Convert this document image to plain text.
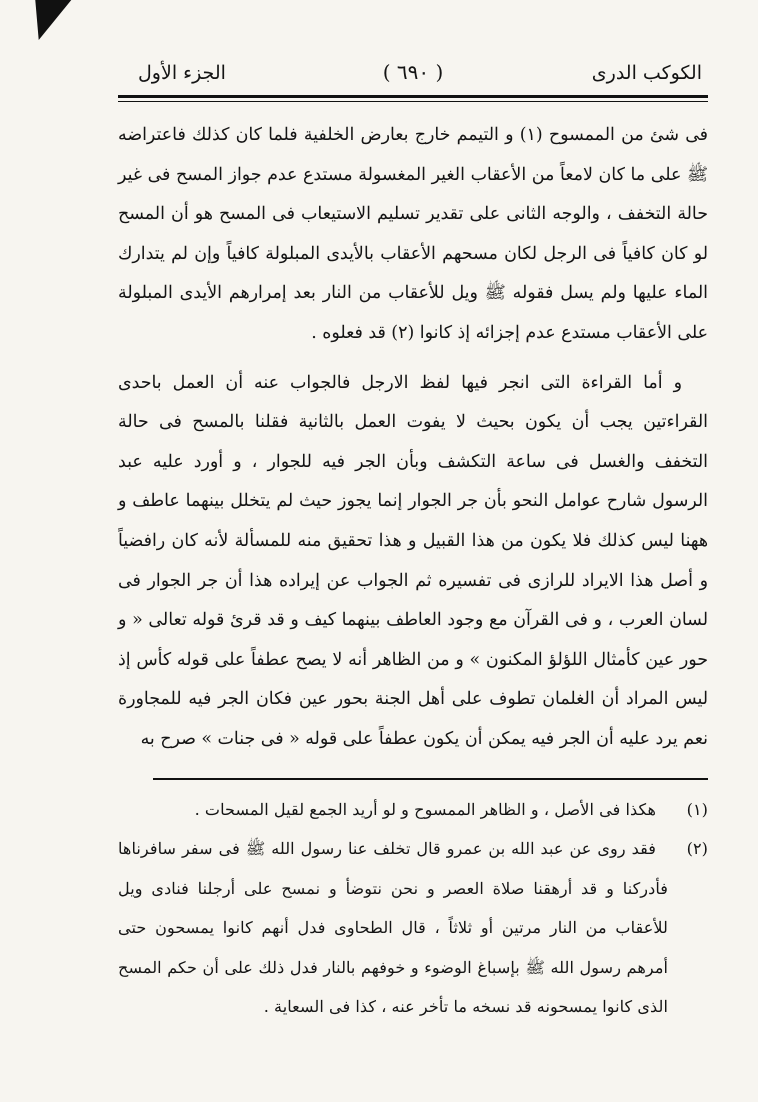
الكوكب الدرى
( ٦٩٠ )
الجزء الأول

فى شئ من الممسوح (١) و التيمم خارج بعارض الخلفية فلما كان كذلك فاعتراضه ﷺ على ما كان لامعاً من الأعقاب الغير المغسولة مستدع عدم جواز المسح فى غير حالة التخفف ، والوجه الثانى على تقدير تسليم الاستيعاب فى المسح هو أن المسح لو كان كافياً فى الرجل لكان مسحهم الأعقاب بالأيدى المبلولة كافياً وإن لم يتدارك الماء عليها ولم يسل فقوله ﷺ ويل للأعقاب من النار بعد إمرارهم الأيدى المبلولة على الأعقاب مستدع عدم إجزائه إذ كانوا (٢) قد فعلوه .

و أما القراءة التى انجر فيها لفظ الارجل فالجواب عنه أن العمل باحدى القراءتين يجب أن يكون بحيث لا يفوت العمل بالثانية فقلنا بالمسح فى حالة التخفف والغسل فى ساعة التكشف وبأن الجر فيه للجوار ، و أورد عليه عبد الرسول شارح عوامل النحو بأن جر الجوار إنما يجوز حيث لم يتخلل بينهما عاطف و ههنا ليس كذلك فلا يكون من هذا القبيل و هذا تحقيق منه للمسألة لأنه كان رافضياً و أصل هذا الايراد للرازى فى تفسيره ثم الجواب عن إيراده هذا أن جر الجوار فى لسان العرب ، و فى القرآن مع وجود العاطف بينهما كيف و قد قرئ قوله تعالى « و حور عين كأمثال اللؤلؤ المكنون » و من الظاهر أنه لا يصح عطفاً على قوله كأس إذ ليس المراد أن الغلمان تطوف على أهل الجنة بحور عين فكان الجر فيه للمجاورة نعم يرد عليه أن الجر فيه يمكن أن يكون عطفاً على قوله « فى جنات » صرح به

(١)
هكذا فى الأصل ، و الظاهر الممسوح و لو أريد الجمع لقيل المسحات .

(٢)
فقد روى عن عبد الله بن عمرو قال تخلف عنا رسول الله ﷺ فى سفر سافرناها فأدركنا و قد أرهقنا صلاة العصر و نحن نتوضأ و نمسح على أرجلنا فنادى ويل للأعقاب من النار مرتين أو ثلاثاً ، قال الطحاوى فدل أنهم كانوا يمسحون حتى أمرهم رسول الله ﷺ بإسباغ الوضوء و خوفهم بالنار فدل ذلك على أن حكم المسح الذى كانوا يمسحونه قد نسخه ما تأخر عنه ، كذا فى السعاية .
